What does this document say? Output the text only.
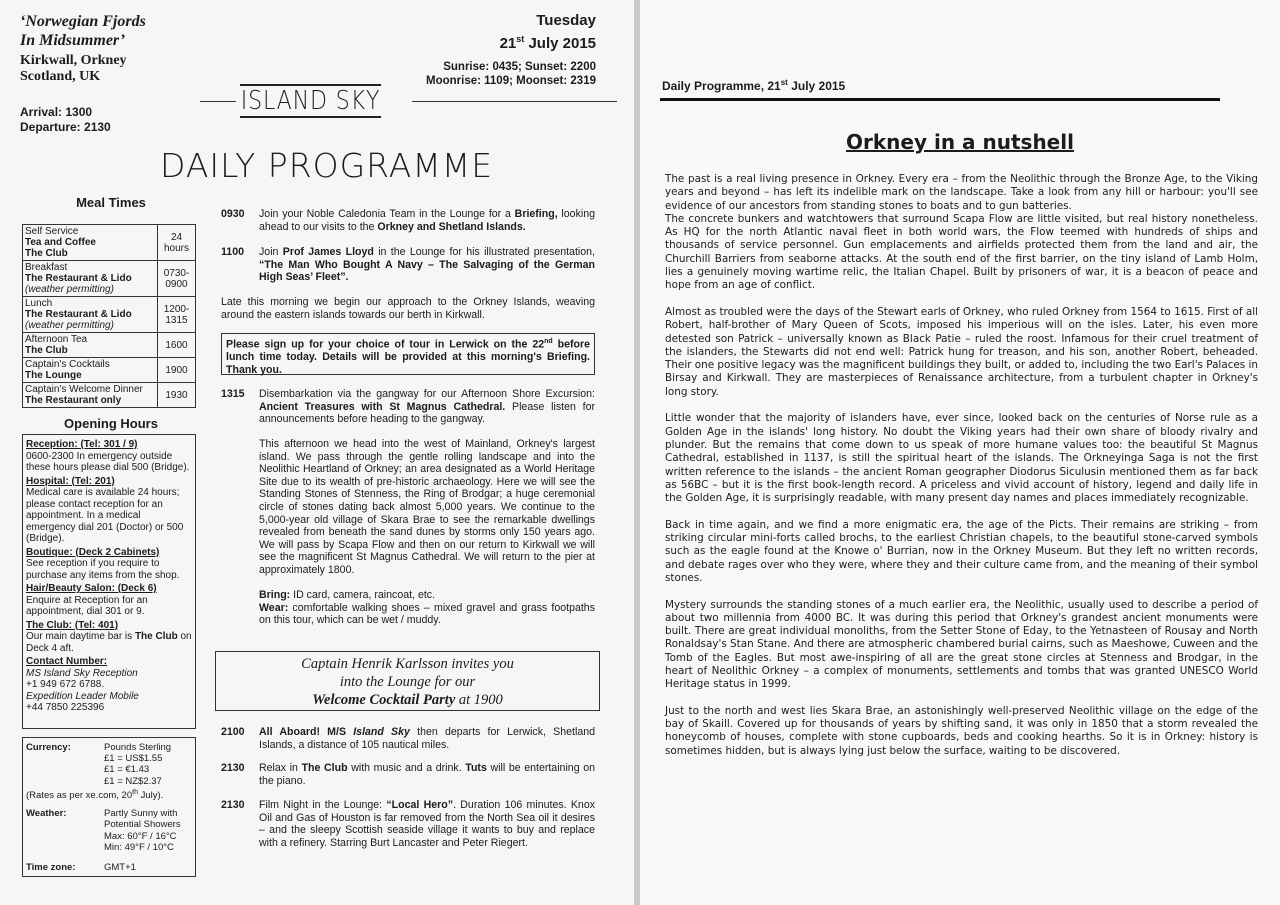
‘Norwegian Fjords
In Midsummer’
Kirkwall, Orkney
Scotland, UK
Tuesday
21st July 2015
Sunrise: 0435; Sunset: 2200
Moonrise: 1109; Moonset: 2319
ISLAND SKY
Arrival: 1300
Departure: 2130
DAILY PROGRAMME
Meal Times
Self Service
Tea and Coffee
The Club	24 hours

Breakfast
The Restaurant & Lido
(weather permitting)	0730-0900

Lunch
The Restaurant & Lido
(weather permitting)	1200-1315

Afternoon Tea
The Club	1600

Captain's Cocktails
The Lounge	1900

Captain's Welcome Dinner
The Restaurant only	1930
Opening Hours
Reception: (Tel: 301 / 9)
0600-2300 In emergency outside these hours please dial 500 (Bridge).
Hospital: (Tel: 201)
Medical care is available 24 hours; please contact reception for an appointment. In a medical emergency dial 201 (Doctor) or 500 (Bridge).
Boutique: (Deck 2 Cabinets)
See reception if you require to purchase any items from the shop.
Hair/Beauty Salon: (Deck 6)
Enquire at Reception for an appointment, dial 301 or 9.
The Club: (Tel: 401)
Our main daytime bar is The Club on Deck 4 aft.
Contact Number:
MS Island Sky Reception
+1 949 672 6788.
Expedition Leader Mobile
+44 7850 225396
Currency:	Pounds Sterling
£1 = US$1.55
£1 = €1.43
£1 = NZ$2.37
(Rates as per xe.com, 20th July).
Weather:	Partly Sunny with
Potential Showers
Max: 60°F / 16°C
Min: 49°F / 10°C
Time zone:	GMT+1
0930	Join your Noble Caledonia Team in the Lounge for a Briefing, looking ahead to our visits to the Orkney and Shetland Islands.
1100	Join Prof James Lloyd in the Lounge for his illustrated presentation, “The Man Who Bought A Navy – The Salvaging of the German High Seas’ Fleet”.
Late this morning we begin our approach to the Orkney Islands, weaving around the eastern islands towards our berth in Kirkwall.
Please sign up for your choice of tour in Lerwick on the 22nd before lunch time today. Details will be provided at this morning's Briefing. Thank you.
1315	Disembarkation via the gangway for our Afternoon Shore Excursion: Ancient Treasures with St Magnus Cathedral. Please listen for announcements before heading to the gangway.
This afternoon we head into the west of Mainland, Orkney's largest island. We pass through the gentle rolling landscape and into the Neolithic Heartland of Orkney; an area designated as a World Heritage Site due to its wealth of pre-historic archaeology. Here we will see the Standing Stones of Stenness, the Ring of Brodgar; a huge ceremonial circle of stones dating back almost 5,000 years. We continue to the 5,000-year old village of Skara Brae to see the remarkable dwellings revealed from beneath the sand dunes by storms only 150 years ago. We will pass by Scapa Flow and then on our return to Kirkwall we will see the magnificent St Magnus Cathedral. We will return to the pier at approximately 1800.
Bring: ID card, camera, raincoat, etc.
Wear: comfortable walking shoes – mixed gravel and grass footpaths on this tour, which can be wet / muddy.
Captain Henrik Karlsson invites you
into the Lounge for our
Welcome Cocktail Party at 1900
2100	All Aboard! M/S Island Sky then departs for Lerwick, Shetland Islands, a distance of 105 nautical miles.
2130	Relax in The Club with music and a drink. Tuts will be entertaining on the piano.
2130	Film Night in the Lounge: “Local Hero”. Duration 106 minutes. Knox Oil and Gas of Houston is far removed from the North Sea oil it desires – and the sleepy Scottish seaside village it wants to buy and replace with a refinery. Starring Burt Lancaster and Peter Riegert.
Daily Programme, 21st July 2015
Orkney in a nutshell

The past is a real living presence in Orkney. Every era – from the Neolithic through the Bronze Age, to the Viking years and beyond – has left its indelible mark on the landscape. Take a look from any hill or harbour: you'll see evidence of our ancestors from standing stones to boats and to gun batteries.
The concrete bunkers and watchtowers that surround Scapa Flow are little visited, but real history nonetheless. As HQ for the north Atlantic naval fleet in both world wars, the Flow teemed with hundreds of ships and thousands of service personnel. Gun emplacements and airfields protected them from the land and air, the Churchill Barriers from seaborne attacks. At the south end of the first barrier, on the tiny island of Lamb Holm, lies a genuinely moving wartime relic, the Italian Chapel. Built by prisoners of war, it is a beacon of peace and hope from an age of conflict.

Almost as troubled were the days of the Stewart earls of Orkney, who ruled Orkney from 1564 to 1615. First of all Robert, half-brother of Mary Queen of Scots, imposed his imperious will on the isles. Later, his even more detested son Patrick – universally known as Black Patie – ruled the roost. Infamous for their cruel treatment of the islanders, the Stewarts did not end well: Patrick hung for treason, and his son, another Robert, beheaded. Their one positive legacy was the magnificent buildings they built, or added to, including the two Earl's Palaces in Birsay and Kirkwall. They are masterpieces of Renaissance architecture, from a turbulent chapter in Orkney's long story.

Little wonder that the majority of islanders have, ever since, looked back on the centuries of Norse rule as a Golden Age in the islands' long history. No doubt the Viking years had their own share of bloody rivalry and plunder. But the remains that come down to us speak of more humane values too: the beautiful St Magnus Cathedral, established in 1137, is still the spiritual heart of the islands. The Orkneyinga Saga is not the first written reference to the islands – the ancient Roman geographer Diodorus Siculusin mentioned them as far back as 56BC – but it is the first book-length record. A priceless and vivid account of history, legend and daily life in the Golden Age, it is surprisingly readable, with many present day names and places immediately recognizable.

Back in time again, and we find a more enigmatic era, the age of the Picts. Their remains are striking – from striking circular mini-forts called brochs, to the earliest Christian chapels, to the beautiful stone-carved symbols such as the eagle found at the Knowe o' Burrian, now in the Orkney Museum. But they left no written records, and debate rages over who they were, where they and their culture came from, and the meaning of their symbol stones.

Mystery surrounds the standing stones of a much earlier era, the Neolithic, usually used to describe a period of about two millennia from 4000 BC. It was during this period that Orkney's grandest ancient monuments were built. There are great individual monoliths, from the Setter Stone of Eday, to the Yetnasteen of Rousay and North Ronaldsay's Stan Stane. And there are atmospheric chambered burial cairns, such as Maeshowe, Cuween and the Tomb of the Eagles. But most awe-inspiring of all are the great stone circles at Stenness and Brodgar, in the heart of Neolithic Orkney – a complex of monuments, settlements and tombs that was granted UNESCO World Heritage status in 1999.

Just to the north and west lies Skara Brae, an astonishingly well-preserved Neolithic village on the edge of the bay of Skaill. Covered up for thousands of years by shifting sand, it was only in 1850 that a storm revealed the honeycomb of houses, complete with stone cupboards, beds and cooking hearths. So it is in Orkney: history is sometimes hidden, but is always lying just below the surface, waiting to be discovered.
